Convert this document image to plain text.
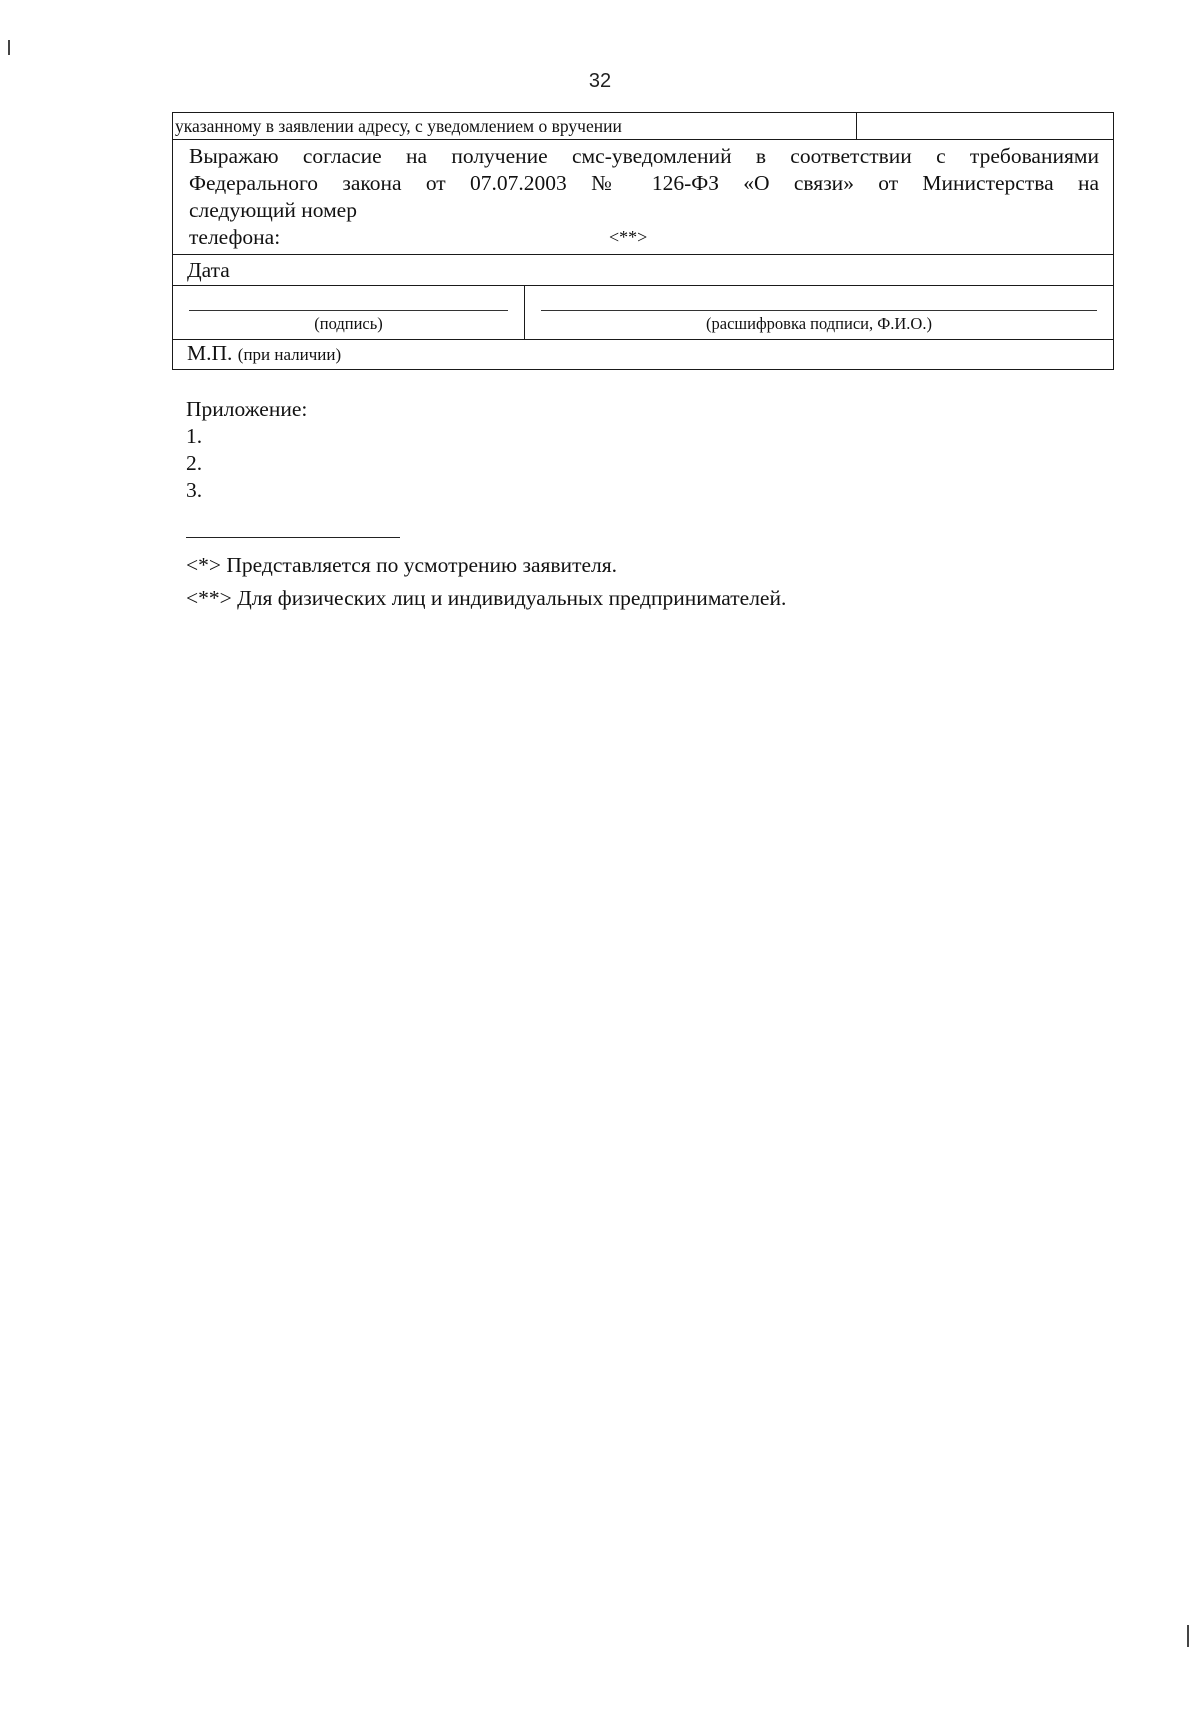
32
указанному в заявлении адресу, с уведомлением о вручении
Выражаю согласие на получение смс-уведомлений в соответствии с требованиями Федерального закона от 07.07.2003 № 126-ФЗ «О связи» от Министерства на
следующий номер
телефона:	<**>
Дата
(подпись)	(расшифровка подписи, Ф.И.О.)
М.П. (при наличии)
Приложение:
1.
2.
3.
<*> Представляется по усмотрению заявителя.
<**> Для физических лиц и индивидуальных предпринимателей.
